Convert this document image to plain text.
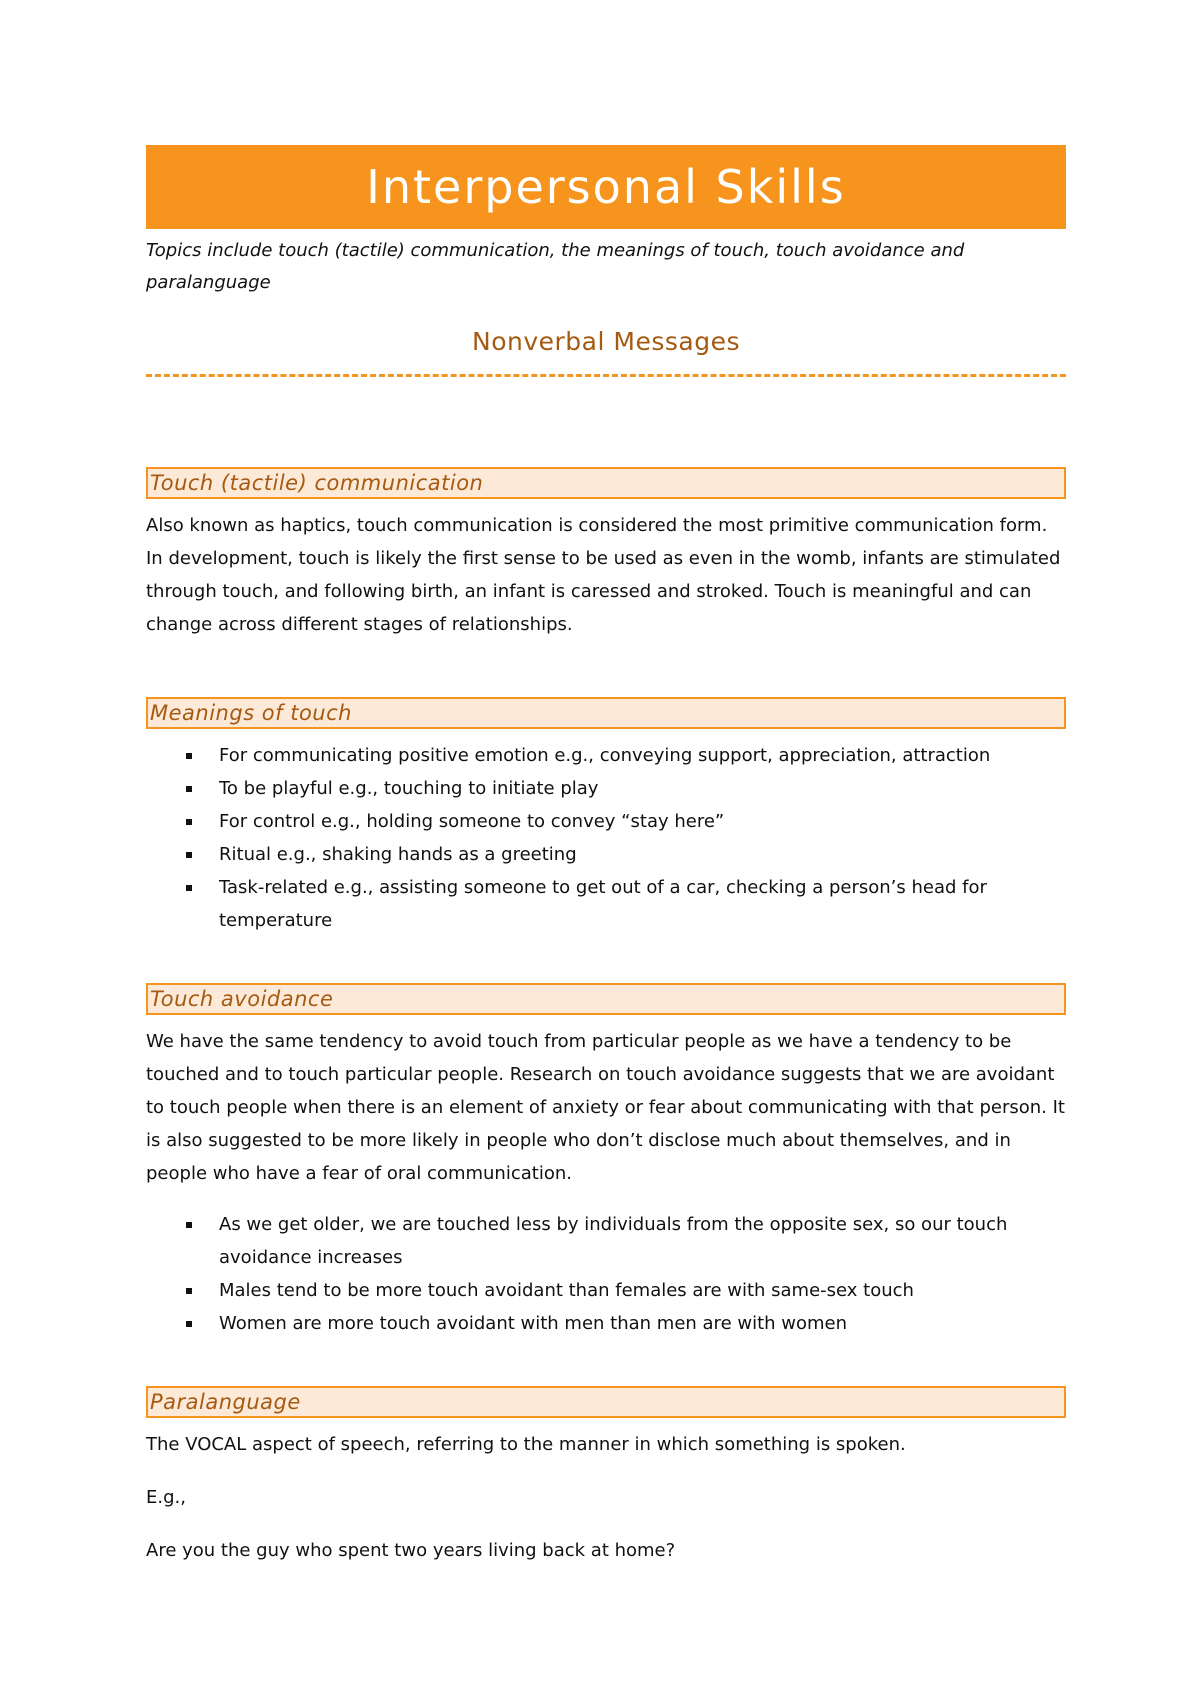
Interpersonal Skills

Topics include touch (tactile) communication, the meanings of touch, touch avoidance and paralanguage

Nonverbal Messages
Touch (tactile) communication

Also known as haptics, touch communication is considered the most primitive communication form. In development, touch is likely the first sense to be used as even in the womb, infants are stimulated through touch, and following birth, an infant is caressed and stroked. Touch is meaningful and can change across different stages of relationships.

Meanings of touch
For communicating positive emotion e.g., conveying support, appreciation, attraction
To be playful e.g., touching to initiate play
For control e.g., holding someone to convey “stay here”
Ritual e.g., shaking hands as a greeting
Task-related e.g., assisting someone to get out of a car, checking a person’s head for temperature
Touch avoidance

We have the same tendency to avoid touch from particular people as we have a tendency to be touched and to touch particular people. Research on touch avoidance suggests that we are avoidant to touch people when there is an element of anxiety or fear about communicating with that person. It is also suggested to be more likely in people who don’t disclose much about themselves, and in people who have a fear of oral communication.

As we get older, we are touched less by individuals from the opposite sex, so our touch avoidance increases
Males tend to be more touch avoidant than females are with same-sex touch
Women are more touch avoidant with men than men are with women
Paralanguage

The VOCAL aspect of speech, referring to the manner in which something is spoken.

E.g.,

Are you the guy who spent two years living back at home?
